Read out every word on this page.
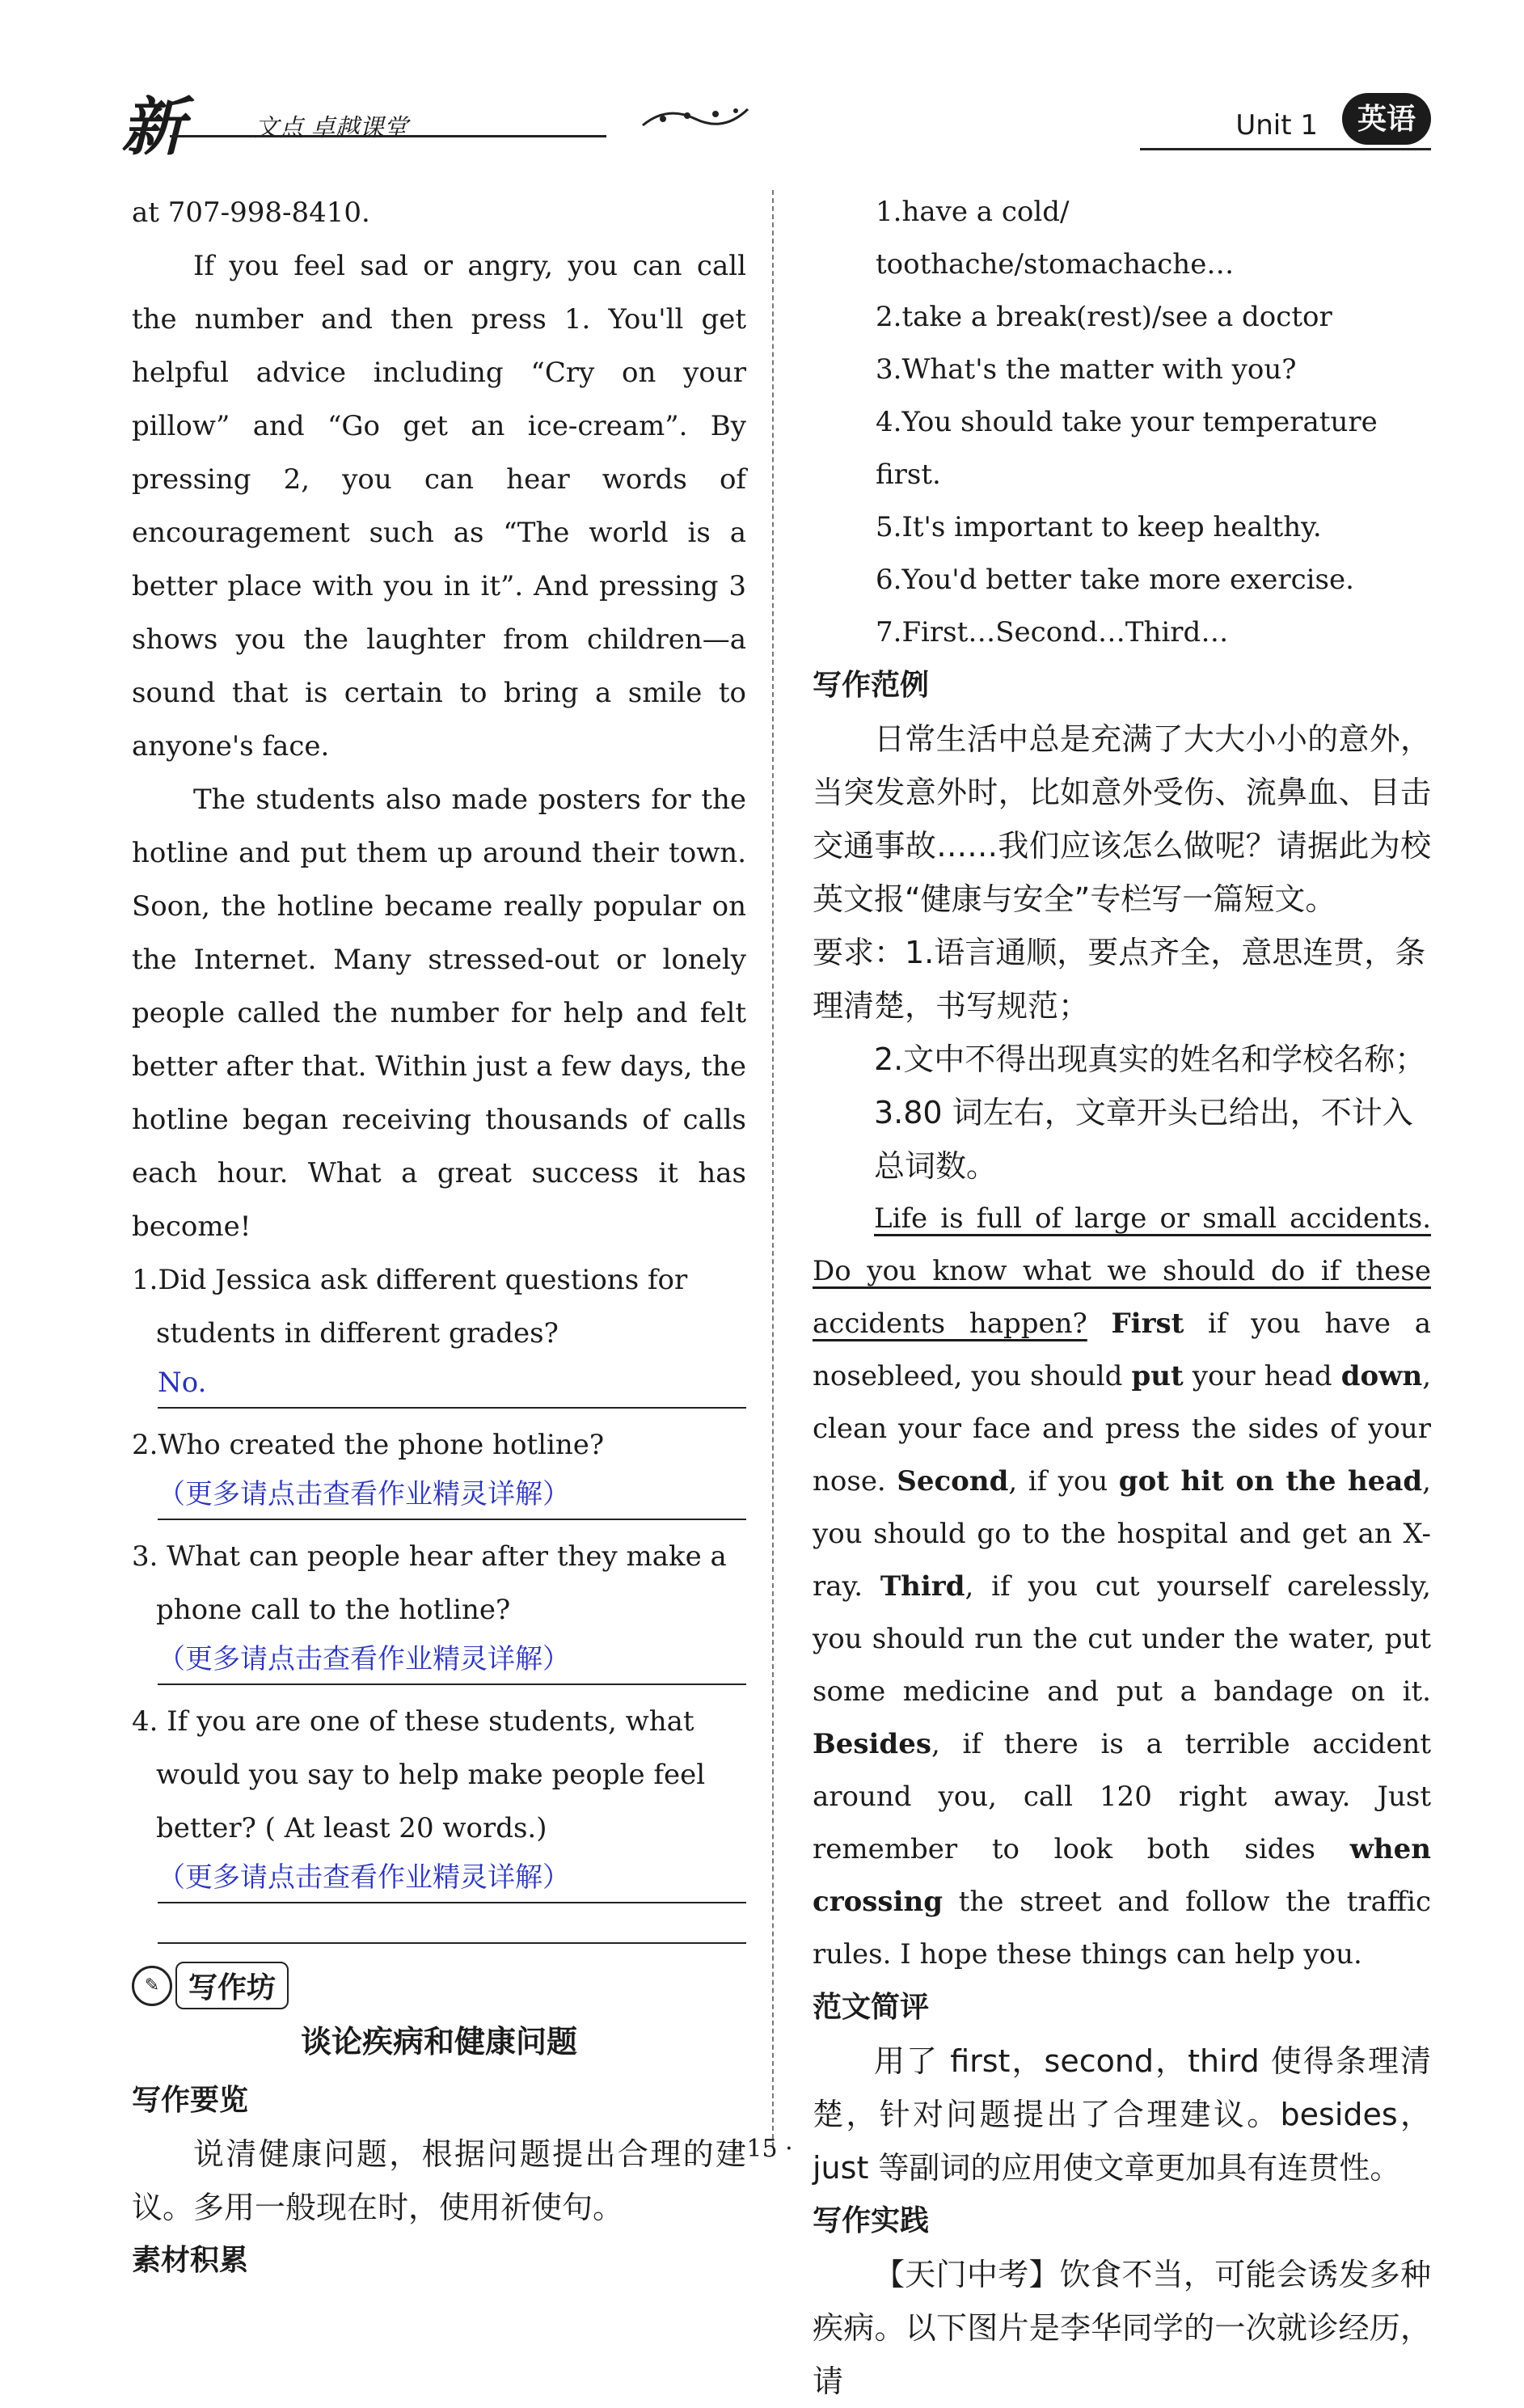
新	文点 卓越课堂	Unit 1	英语

at 707-998-8410.

If you feel sad or angry, you can call the number and then press 1. You'll get helpful advice including “Cry on your pillow” and “Go get an ice-cream”. By pressing 2, you can hear words of encouragement such as “The world is a better place with you in it”. And pressing 3 shows you the laughter from children—a sound that is certain to bring a smile to anyone's face.

The students also made posters for the hotline and put them up around their town. Soon, the hotline became really popular on the Internet. Many stressed-out or lonely people called the number for help and felt better after that. Within just a few days, the hotline began receiving thousands of calls each hour. What a great success it has become!

1.Did Jessica ask different questions for students in different grades?

No.

2.Who created the phone hotline?

（更多请点击查看作业精灵详解）

3. What can people hear after they make a phone call to the hotline?

（更多请点击查看作业精灵详解）

4. If you are one of these students, what would you say to help make people feel better? ( At least 20 words.)

（更多请点击查看作业精灵详解）

✎ 写作坊

谈论疾病和健康问题

写作要览

说清健康问题，根据问题提出合理的建议。多用一般现在时，使用祈使句。

素材积累

1.have a cold/ toothache/stomachache…

2.take a break(rest)/see a doctor

3.What's the matter with you?

4.You should take your temperature first.

5.It's important to keep healthy.

6.You'd better take more exercise.

7.First…Second…Third…

写作范例

日常生活中总是充满了大大小小的意外，当突发意外时，比如意外受伤、流鼻血、目击交通事故……我们应该怎么做呢？请据此为校英文报“健康与安全”专栏写一篇短文。

要求：1.语言通顺，要点齐全，意思连贯，条理清楚，书写规范；

2.文中不得出现真实的姓名和学校名称；

3.80 词左右，文章开头已给出，不计入总词数。

Life is full of large or small accidents. Do you know what we should do if these accidents happen? First if you have a nosebleed, you should put your head down, clean your face and press the sides of your nose. Second, if you got hit on the head, you should go to the hospital and get an X-ray. Third, if you cut yourself carelessly, you should run the cut under the water, put some medicine and put a bandage on it. Besides, if there is a terrible accident around you, call 120 right away. Just remember to look both sides when crossing the street and follow the traffic rules. I hope these things can help you.

范文简评

用了 first，second，third 使得条理清楚，针对问题提出了合理建议。besides，just 等副词的应用使文章更加具有连贯性。

写作实践

【天门中考】饮食不当，可能会诱发多种疾病。以下图片是李华同学的一次就诊经历，请

· 15 ·
